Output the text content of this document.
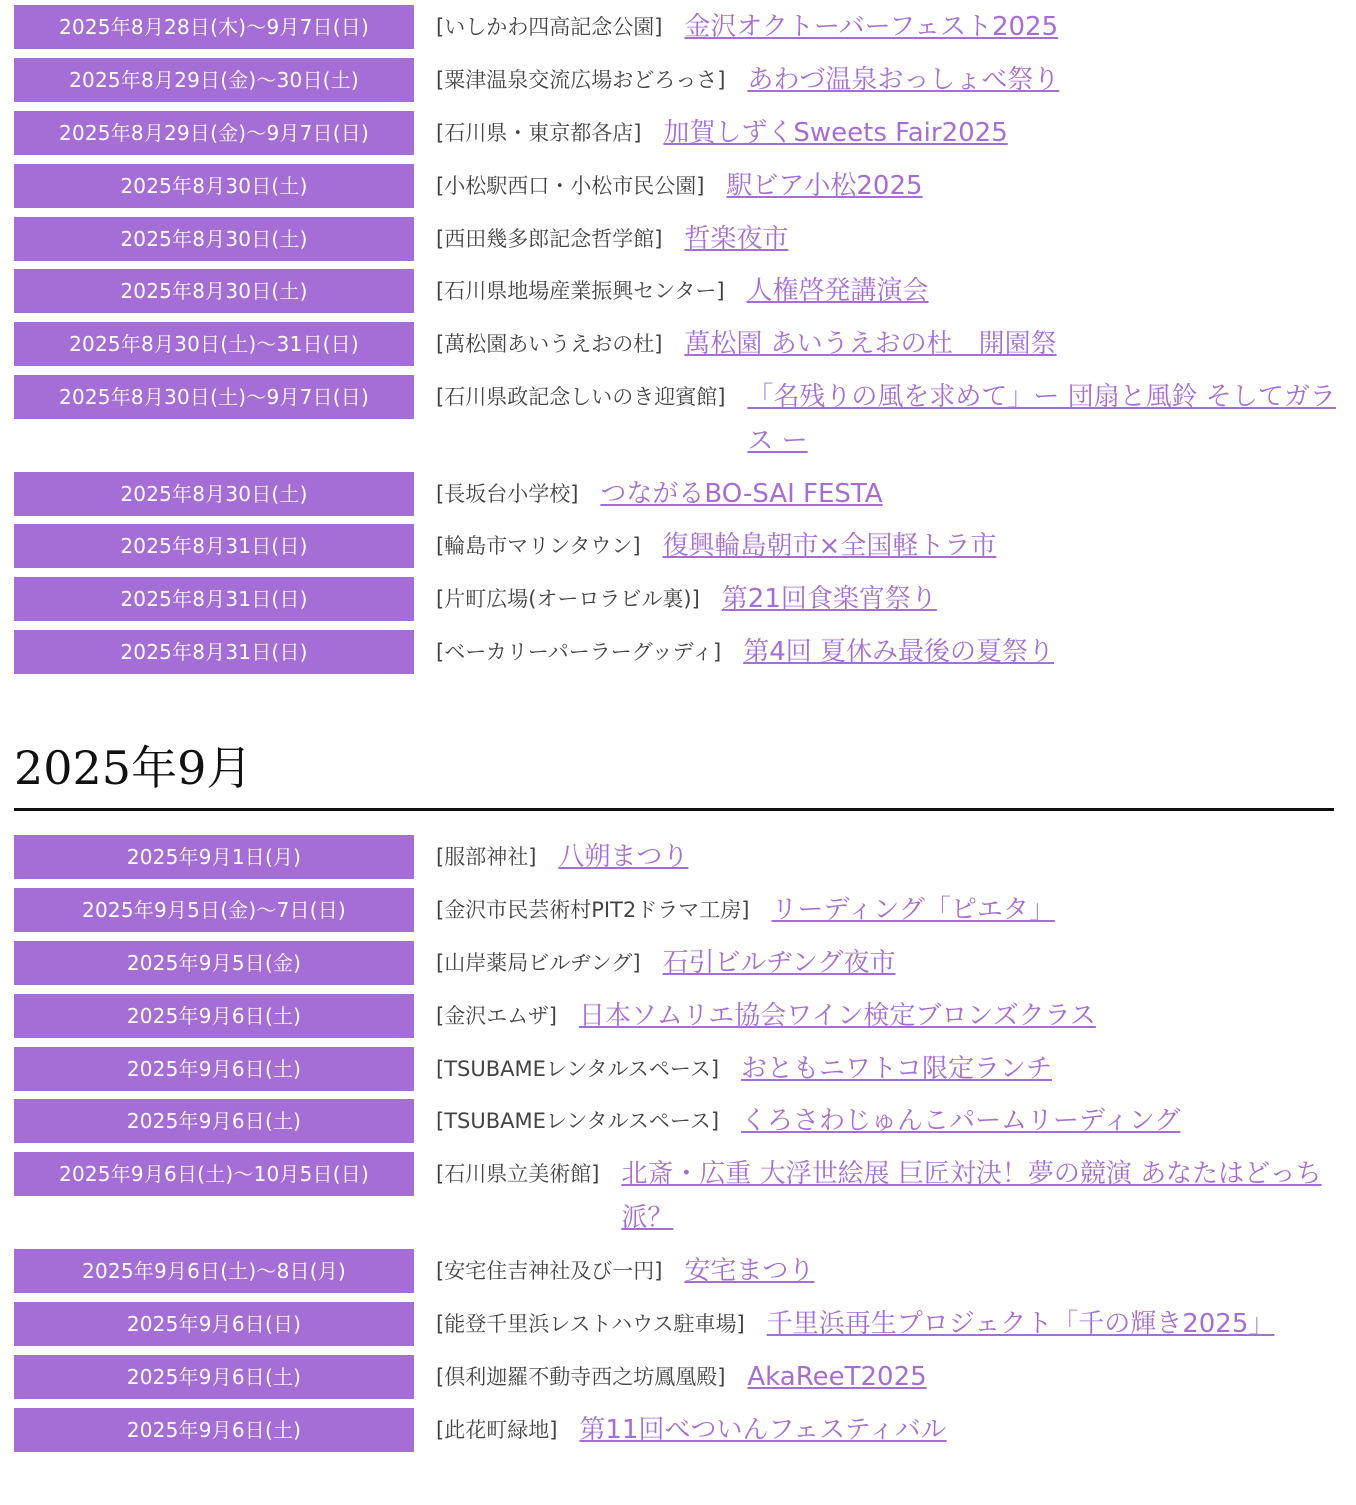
2025年8月28日(木)〜9月7日(日)	[いしかわ四高記念公園] 金沢オクトーバーフェスト2025
2025年8月29日(金)〜30日(土)	[粟津温泉交流広場おどろっさ] あわづ温泉おっしょべ祭り
2025年8月29日(金)〜9月7日(日)	[石川県・東京都各店] 加賀しずくSweets Fair2025
2025年8月30日(土)	[小松駅西口・小松市民公園] 駅ビア小松2025
2025年8月30日(土)	[西田幾多郎記念哲学館] 哲楽夜市
2025年8月30日(土)	[石川県地場産業振興センター] 人権啓発講演会
2025年8月30日(土)〜31日(日)	[萬松園あいうえおの杜] 萬松園 あいうえおの杜　開園祭
2025年8月30日(土)〜9月7日(日)	[石川県政記念しいのき迎賓館] 「名残りの風を求めて」ー 団扇と風鈴 そしてガラス ー
2025年8月30日(土)	[長坂台小学校] つながるBO-SAI FESTA
2025年8月31日(日)	[輪島市マリンタウン] 復興輪島朝市×全国軽トラ市
2025年8月31日(日)	[片町広場(オーロラビル裏)] 第21回食楽宵祭り
2025年8月31日(日)	[ベーカリーパーラーグッディ] 第4回 夏休み最後の夏祭り
2025年9月
2025年9月1日(月)	[服部神社] 八朔まつり
2025年9月5日(金)〜7日(日)	[金沢市民芸術村PIT2ドラマ工房] リーディング「ピエタ」
2025年9月5日(金)	[山岸薬局ビルヂング] 石引ビルヂング夜市
2025年9月6日(土)	[金沢エムザ] 日本ソムリエ協会ワイン検定ブロンズクラス
2025年9月6日(土)	[TSUBAMEレンタルスペース] おともニワトコ限定ランチ
2025年9月6日(土)	[TSUBAMEレンタルスペース] くろさわじゅんこパームリーディング
2025年9月6日(土)〜10月5日(日)	[石川県立美術館] 北斎・広重 大浮世絵展 巨匠対決！夢の競演 あなたはどっち派？
2025年9月6日(土)〜8日(月)	[安宅住吉神社及び一円] 安宅まつり
2025年9月6日(日)	[能登千里浜レストハウス駐車場] 千里浜再生プロジェクト「千の輝き2025」
2025年9月6日(土)	[倶利迦羅不動寺西之坊鳳凰殿] AkaReeT2025
2025年9月6日(土)	[此花町緑地] 第11回べついんフェスティバル
